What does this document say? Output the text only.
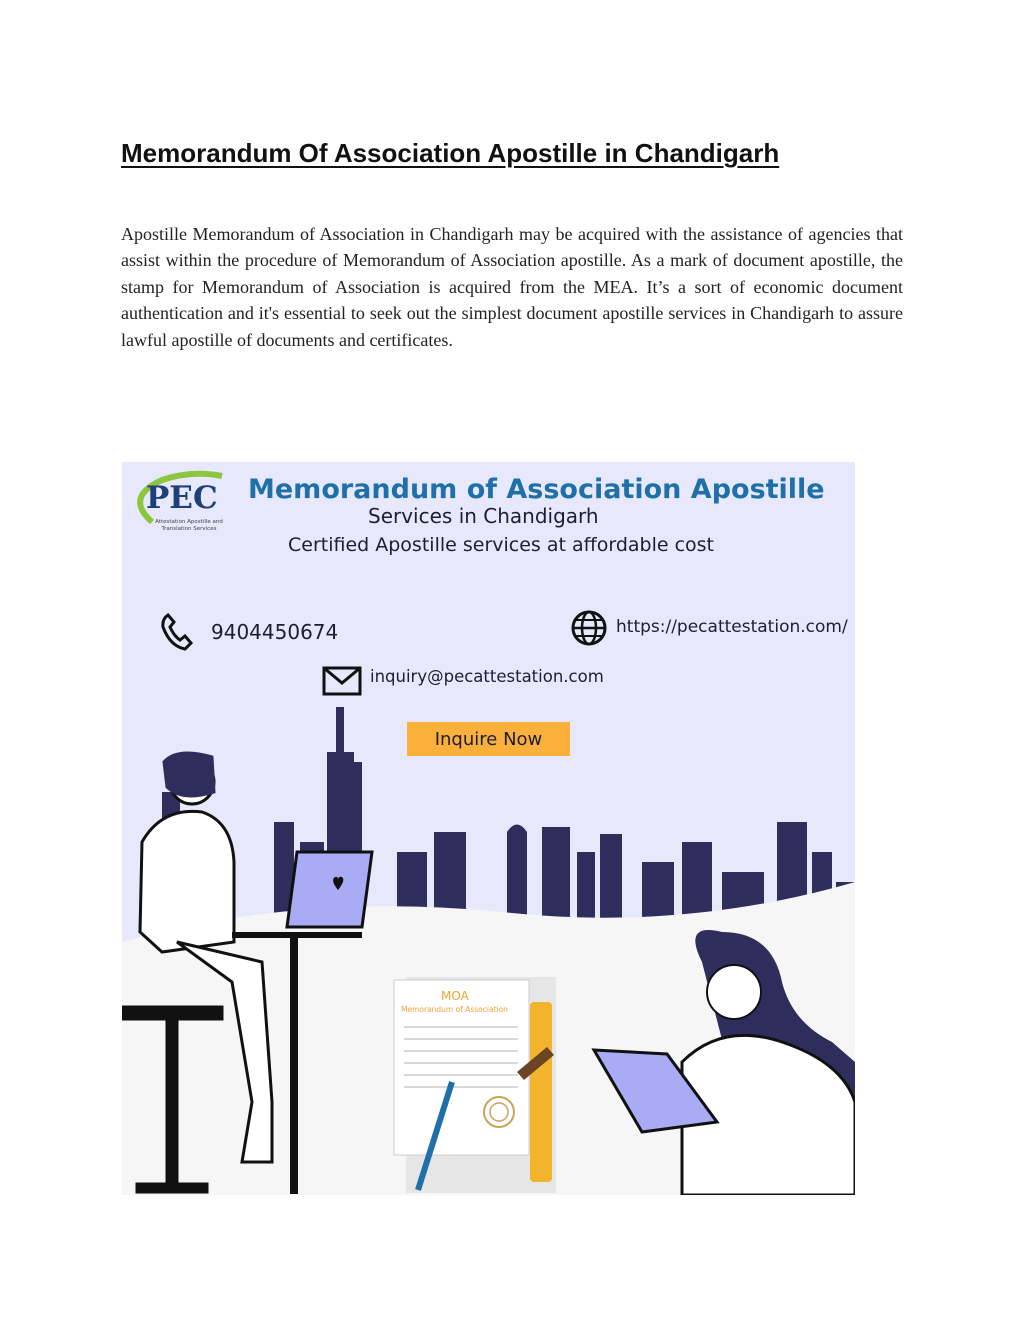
Memorandum Of Association Apostille in Chandigarh

Apostille Memorandum of Association in Chandigarh may be acquired with the assistance of agencies that assist within the procedure of Memorandum of Association apostille. As a mark of document apostille, the stamp for Memorandum of Association is acquired from the MEA. It’s a sort of economic document authentication and it's essential to seek out the simplest document apostille services in Chandigarh to assure lawful apostille of documents and certificates.

PEC
Attestation Apostille and Translation Services
Memorandum of Association Apostille
Services in Chandigarh
Certified Apostille services at affordable cost
9404450674	https://pecattestation.com/
inquiry@pecattestation.com
Inquire Now
MOA
Memorandum of Association
